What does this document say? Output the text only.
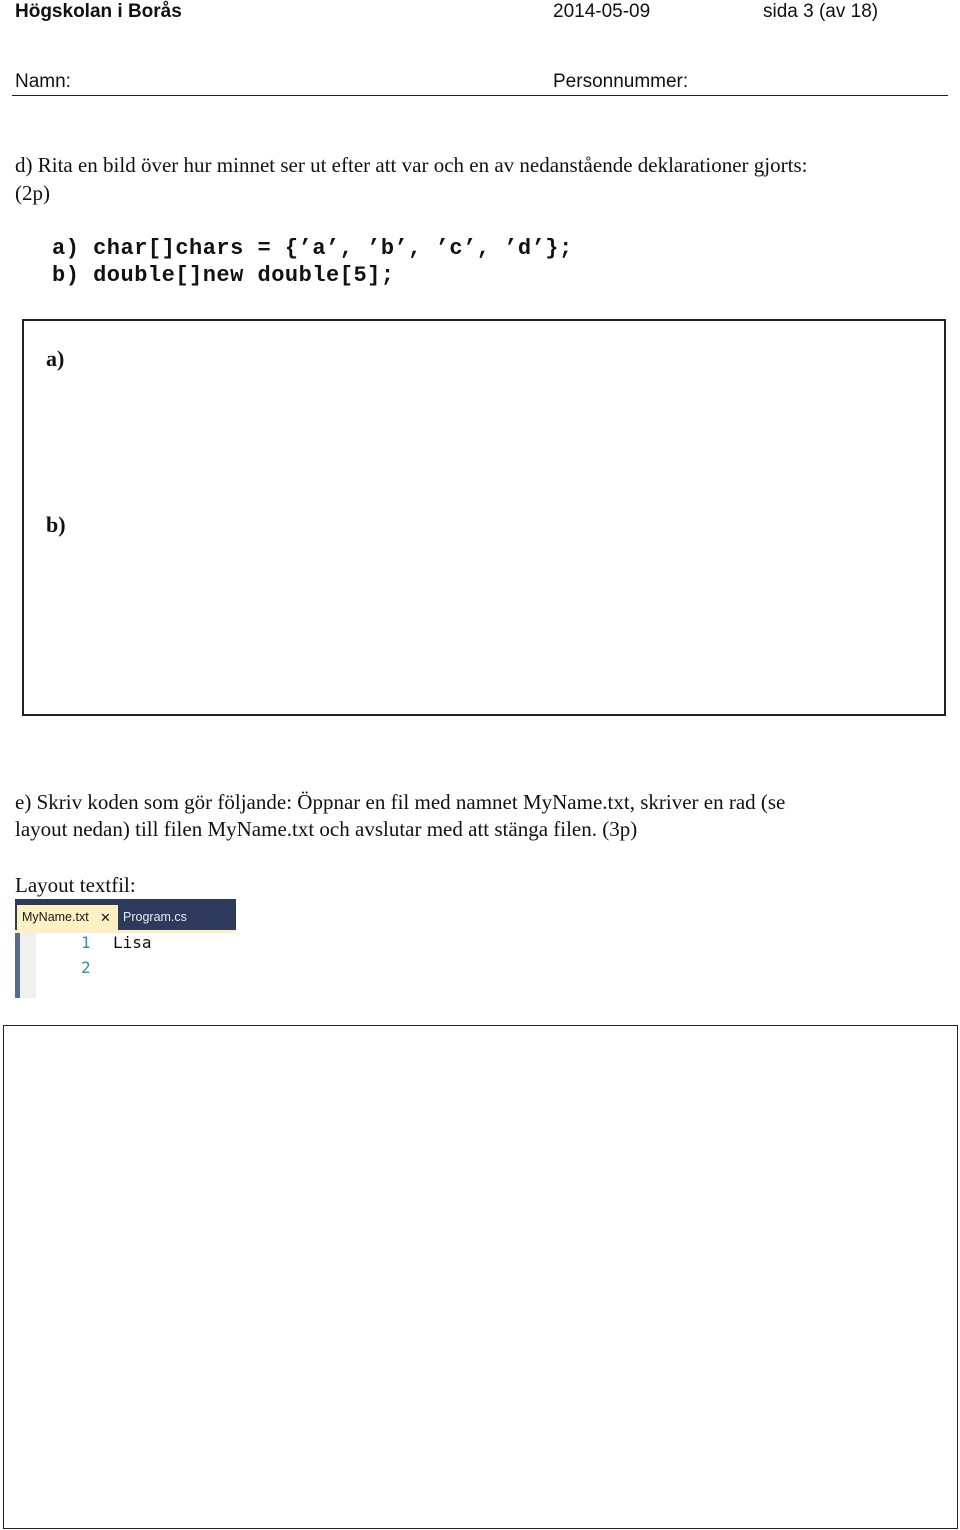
Högskolan i Borås	2014-05-09	sida 3 (av 18)
Namn:	Personnummer:
d) Rita en bild över hur minnet ser ut efter att var och en av nedanstående deklarationer gjorts:
(2p)
a) char[]chars = {’a’, ’b’, ’c’, ’d’};
b) double[]new double[5];
a)
b)
e) Skriv koden som gör följande: Öppnar en fil med namnet MyName.txt, skriver en rad (se
layout nedan) till filen MyName.txt och avslutar med att stänga filen. (3p)
Layout textfil:
MyName.txt ✕ Program.cs
1
2
Lisa
